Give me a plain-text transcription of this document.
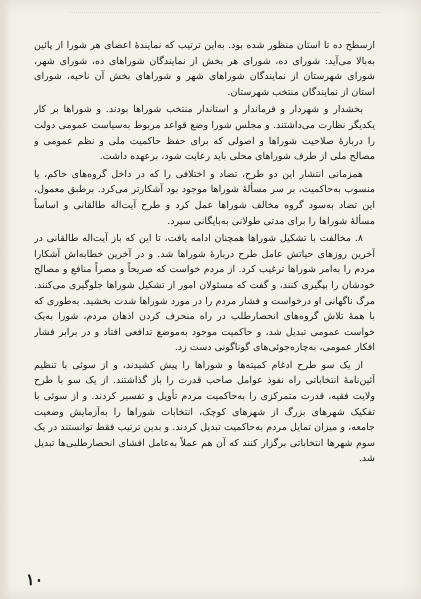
ازسطح ده تا استان منظور شده بود. به‌این ترتیب که نمایندهٔ اعضای هر شورا از پائین به‌بالا می‌آید: شورای ده، شورای هر بخش از نمایندگان شوراهای ده، شورای شهر، شورای شهرستان از نمایندگان شوراهای شهر و شوراهای بخش آن ناحیه، شورای استان از نمایندگان منتخب شهرستان.

بخشدار و شهردار و فرماندار و استاندار منتخب شوراها بودند. و شوراها بر کار یکدیگر نظارت می‌داشتند. و مجلس شورا وضع قواعد مربوط به‌سیاست عمومی دولت را دربارهٔ صلاحیت شوراها و اصولی که برای حفظ حاکمیت ملی و نظم عمومی و مصالح ملی از طرف شوراهای محلی باید رعایت شود، برعهده داشت.

همزمانی انتشار این دو طرح، تضاد و اختلافی را که در داخل گروه‌های حاکم، یا منسوب به‌حاکمیت، بر سر مسألهٔ شوراها موجود بود آشکارتر می‌کرد. برطبق معمول، این تضاد به‌سود گروه مخالف شوراها عمل کرد و طرح آیت‌اله طالقانی و اساساً مسألهٔ شوراها را برای مدتی طولانی به‌بایگانی سپرد.

۸. مخالفت با تشکیل شوراها همچنان ادامه یافت، تا این که باز آیت‌اله طالقانی در آخرین روزهای حیاتش عامل طرح دربارهٔ شوراها شد. و در آخرین خطابه‌اش آشکارا مردم را به‌امر شوراها ترغیب کرد. از مردم خواست که صریحاً و مصراً منافع و مصالح خودشان را بپگیری کنند، و گفت که مسئولان امور از تشکیل شوراها جلوگیری می‌کنند. مرگ ناگهانی او درخواست و فشار مردم را در مورد شوراها شدت بخشید. به‌طوری که با همهٔ تلاش گروه‌های انحصارطلب در راه منحرف کردن اذهان مردم، شورا به‌یک خواست عمومی تبدیل شد، و حاکمیت موجود به‌موضع تدافعی افتاد و در برابر فشار افکار عمومی، به‌چاره‌جوئی‌های گوناگونی دست زد.

از یک سو طرح ادغام کمیته‌ها و شوراها را پیش کشیدند، و از سوئی با تنظیم آئین‌نامهٔ انتخاباتی راه نفوذ عوامل صاحب قدرت را باز گذاشتند. از یک سو با طرح ولایت فقیه، قدرت متمرکزی را به‌حاکمیت مردم تأویل و تفسیر کردند. و از سوئی با تفکیک شهرهای بزرگ از شهرهای کوچک، انتخابات شوراها را به‌آزمایش وضعیت جامعه، و میزان تمایل مردم به‌حاکمیت تبدیل کردند. و بدین ترتیب فقط توانستند در یک سوم شهرها انتخاباتی برگزار کنند که آن هم عملاً به‌عامل افشای انحصارطلبی‌ها تبدیل شد.

۱۰
